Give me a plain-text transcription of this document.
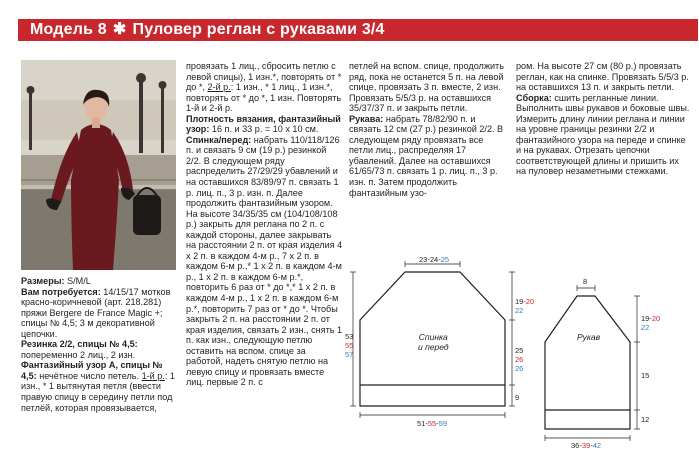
Модель 8 ✱ Пуловер реглан с рукавами 3/4

Размеры: S/M/L

Вам потребуется: 14/15/17 мотков красно-коричневой (арт. 218.281) пряжи Bergere de France Magic +; спицы № 4,5; 3 м декоративной цепочки.

Резинка 2/2, спицы № 4,5: попеременно 2 лиц., 2 изн.

Фантазийный узор А, спицы № 4,5: нечётное число петель. 1-й р.: 1 изн., * 1 вытянутая петля (ввести правую спицу в середину петли под петлёй, которая провязывается,

провязать 1 лиц., сбросить петлю с левой спицы), 1 изн.*, повторять от * до *, 2-й р.: 1 изн., * 1 лиц., 1 изн.*, повторять от * до *, 1 изн. Повторять 1-й и 2-й р.

Плотность вязания, фантазийный узор: 16 п. и 33 р. = 10 x 10 см.

Спинка/перед: набрать 110/118/126 п. и связать 9 см (19 р.) резинкой 2/2. В следующем ряду распределить 27/29/29 убавлений и на оставшихся 83/89/97 п. связать 1 р. лиц. п., 3 р. изн. п. Далее продолжить фантазийным узором. На высоте 34/35/35 см (104/108/108 р.) закрыть для реглана по 2 п. с каждой стороны, далее закрывать на расстоянии 2 п. от края изделия 4 x 2 п. в каждом 4-м р., 7 x 2 п. в каждом 6-м р.,* 1 x 2 п. в каждом 4-м р., 1 x 2 п. в каждом 6-м р.*, повторить 6 раз от * до *,* 1 x 2 п. в каждом 4-м р., 1 x 2 п. в каждом 6-м р.*, повторить 7 раз от * до *. Чтобы закрыть 2 п. на расстоянии 2 п. от края изделия, связать 2 изн., снять 1 п. как изн., следующую петлю оставить на вспом. спице за работой, надеть снятую петлю на левую спицу и провязать вместе лиц. первые 2 п. с

петлей на вспом. спице, продолжить ряд, пока не останется 5 п. на левой спице, провязать 3 п. вместе, 2 изн. Провязать 5/5/3 р. на оставшихся 35/37/37 п. и закрыть петли.

Рукава: набрать 78/82/90 п. и связать 12 см (27 р.) резинкой 2/2. В следующем ряду провязать все петли лиц., распределяя 17 убавлений. Далее на оставшихся 61/65/73 п. связать 1 р. лиц. п., 3 р. изн. п. Затем продолжить фантазийным узо-

ром. На высоте 27 см (80 р.) провязать реглан, как на спинке. Провязать 5/5/3 р. на оставшихся 13 п. и закрыть петли.

Сборка: сшить регланные линии. Выполнить швы рукавов и боковые швы. Измерить длину линии реглана и линии на уровне границы резинки 2/2 и фантазийного узора на переде и спинке и на рукавах. Отрезать цепочки соответствующей длины и пришить их на пуловер незаметными стежками.

23-24-25
Спинка
и перед
53
55
57
19-20
22
25
26
26
9
51-55-59
8
Рукав
19-20
22
15
12
36-39-42
